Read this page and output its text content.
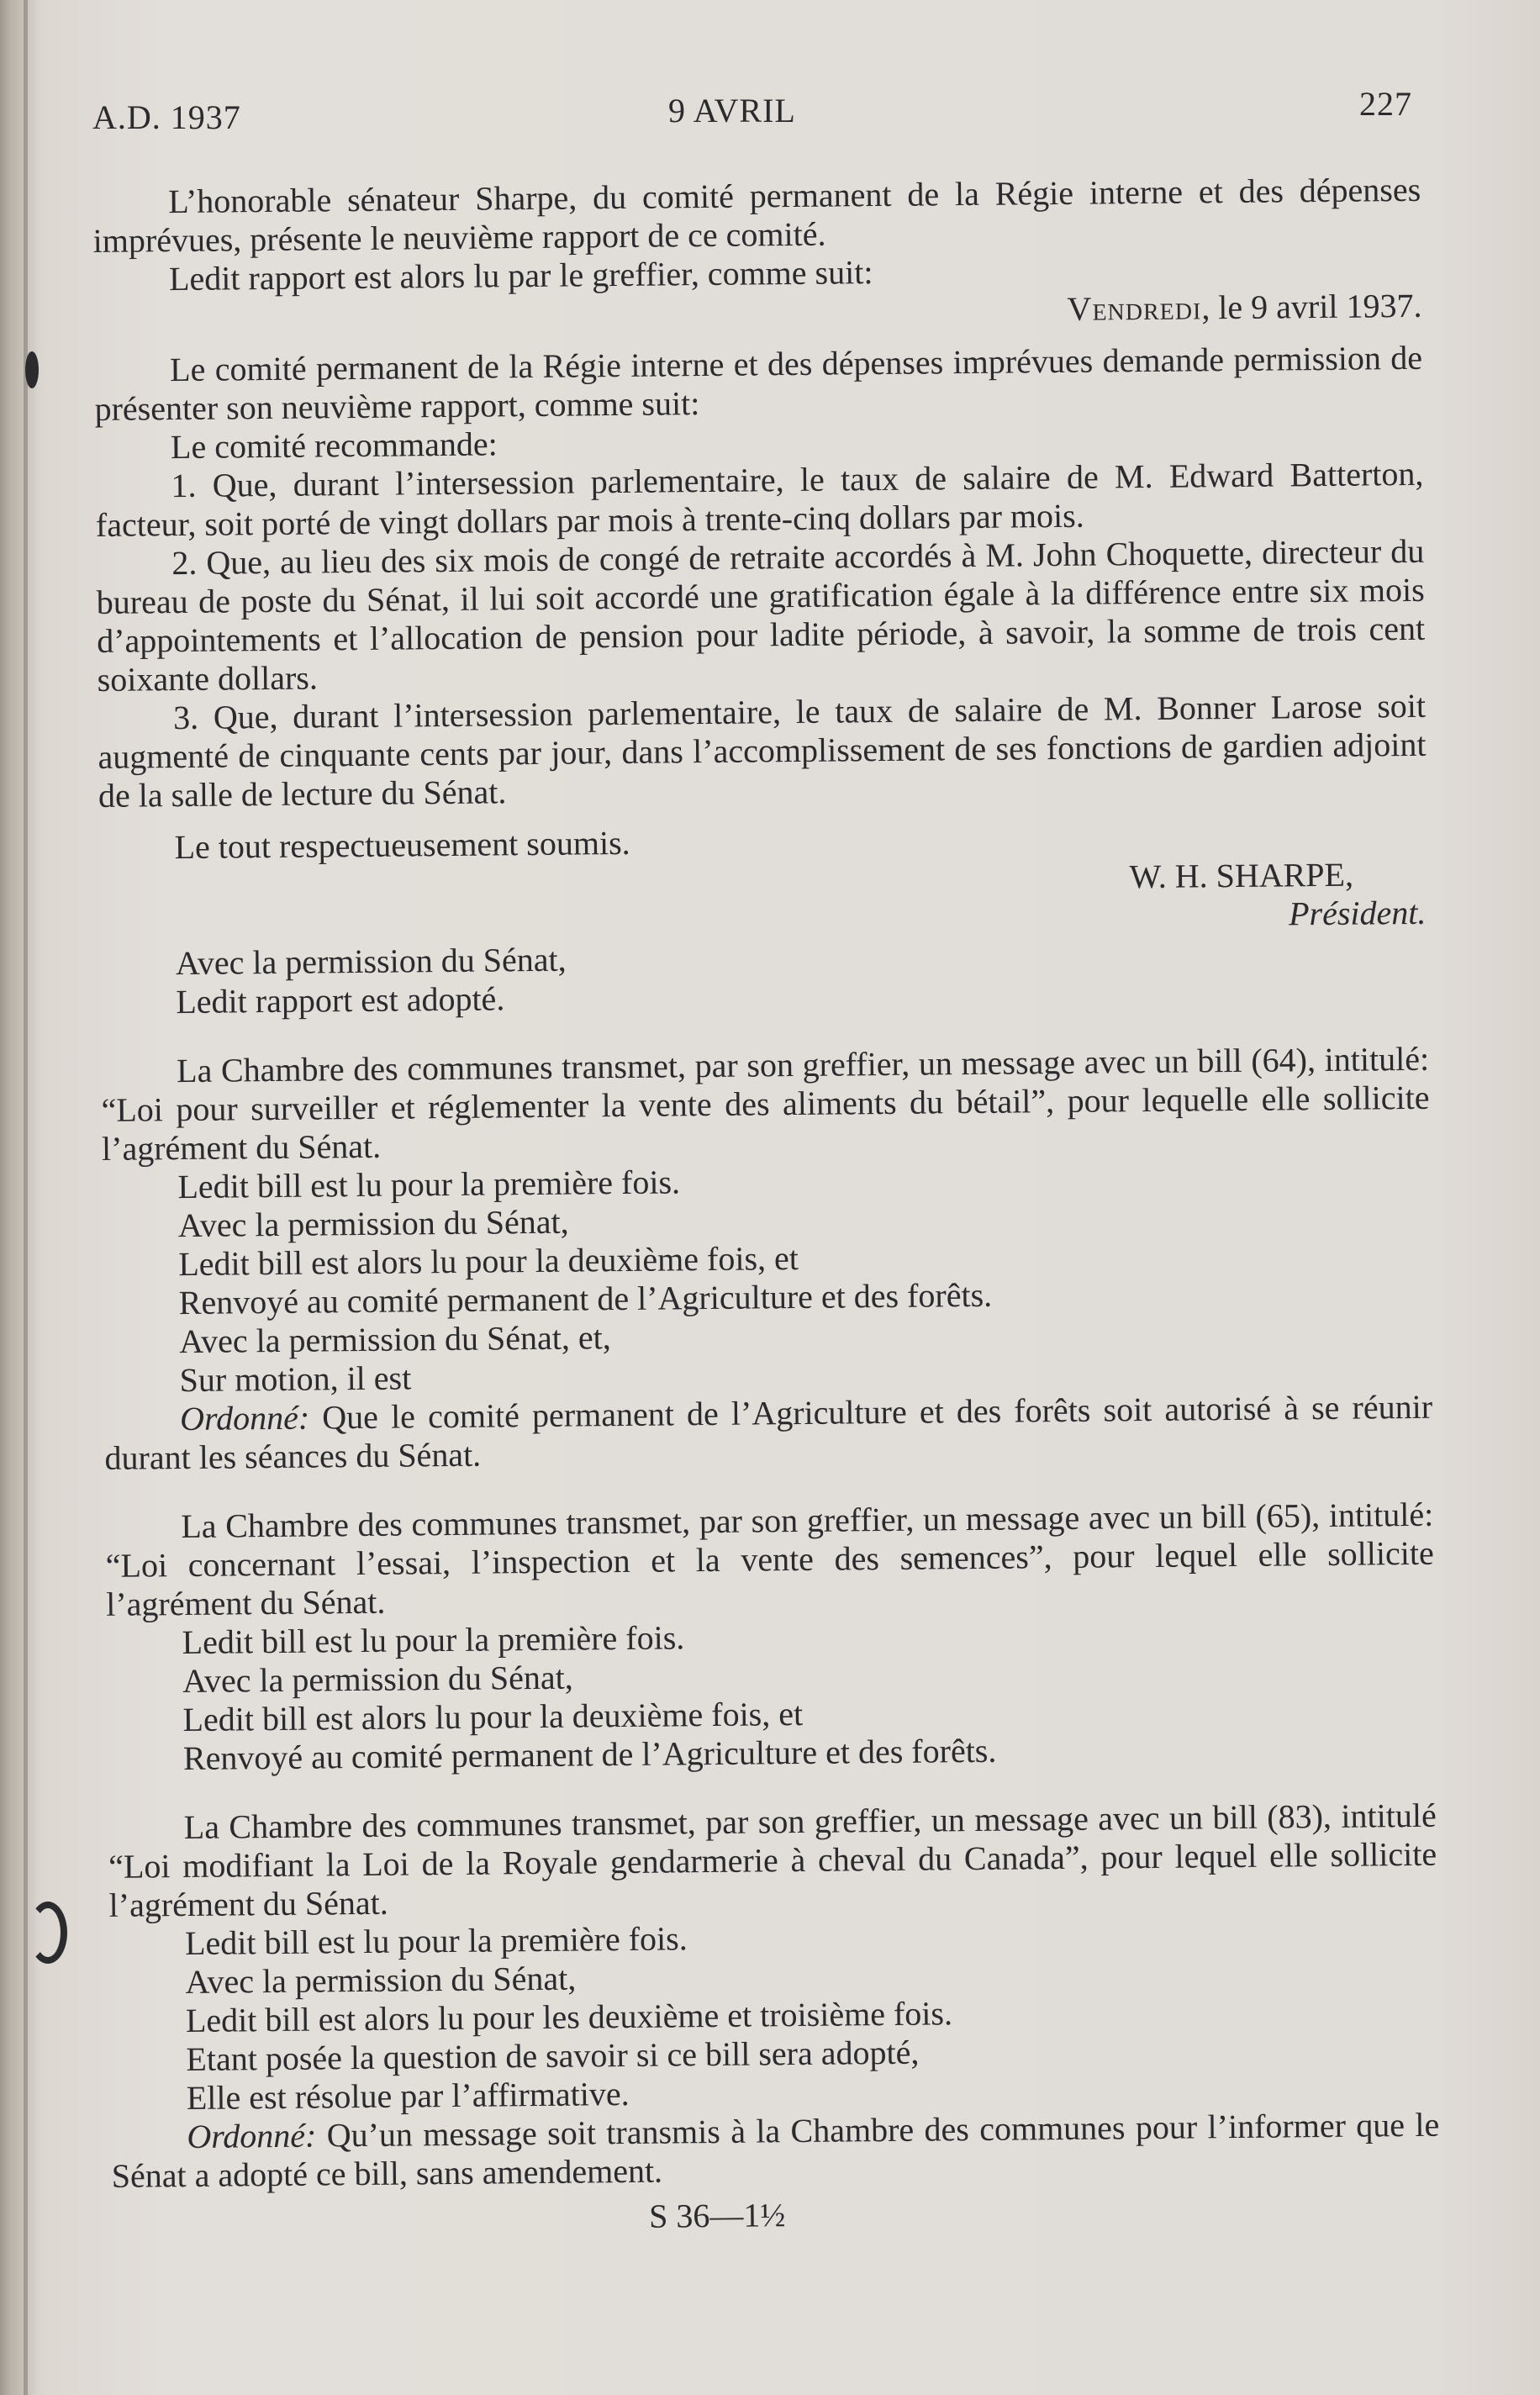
A.D. 1937	9 AVRIL	227

L’honorable sénateur Sharpe, du comité permanent de la Régie interne et des dépenses imprévues, présente le neuvième rapport de ce comité.

Ledit rapport est alors lu par le greffier, comme suit:

Vendredi, le 9 avril 1937.

Le comité permanent de la Régie interne et des dépenses imprévues demande permission de présenter son neuvième rapport, comme suit:

Le comité recommande:

1. Que, durant l’intersession parlementaire, le taux de salaire de M. Edward Batterton, facteur, soit porté de vingt dollars par mois à trente-cinq dollars par mois.

2. Que, au lieu des six mois de congé de retraite accordés à M. John Choquette, directeur du bureau de poste du Sénat, il lui soit accordé une gratification égale à la différence entre six mois d’appointements et l’allocation de pension pour ladite période, à savoir, la somme de trois cent soixante dollars.

3. Que, durant l’intersession parlementaire, le taux de salaire de M. Bonner Larose soit augmenté de cinquante cents par jour, dans l’accomplissement de ses fonctions de gardien adjoint de la salle de lecture du Sénat.

Le tout respectueusement soumis.

W. H. SHARPE,

Président.

Avec la permission du Sénat,

Ledit rapport est adopté.

La Chambre des communes transmet, par son greffier, un message avec un bill (64), intitulé: “Loi pour surveiller et réglementer la vente des aliments du bétail”, pour lequelle elle sollicite l’agrément du Sénat.

Ledit bill est lu pour la première fois.

Avec la permission du Sénat,

Ledit bill est alors lu pour la deuxième fois, et

Renvoyé au comité permanent de l’Agriculture et des forêts.

Avec la permission du Sénat, et,

Sur motion, il est

Ordonné: Que le comité permanent de l’Agriculture et des forêts soit autorisé à se réunir durant les séances du Sénat.

La Chambre des communes transmet, par son greffier, un message avec un bill (65), intitulé: “Loi concernant l’essai, l’inspection et la vente des semences”, pour lequel elle sollicite l’agrément du Sénat.

Ledit bill est lu pour la première fois.

Avec la permission du Sénat,

Ledit bill est alors lu pour la deuxième fois, et

Renvoyé au comité permanent de l’Agriculture et des forêts.

La Chambre des communes transmet, par son greffier, un message avec un bill (83), intitulé “Loi modifiant la Loi de la Royale gendarmerie à cheval du Canada”, pour lequel elle sollicite l’agrément du Sénat.

Ledit bill est lu pour la première fois.

Avec la permission du Sénat,

Ledit bill est alors lu pour les deuxième et troisième fois.

Etant posée la question de savoir si ce bill sera adopté,

Elle est résolue par l’affirmative.

Ordonné: Qu’un message soit transmis à la Chambre des communes pour l’informer que le Sénat a adopté ce bill, sans amendement.

S 36—1½
